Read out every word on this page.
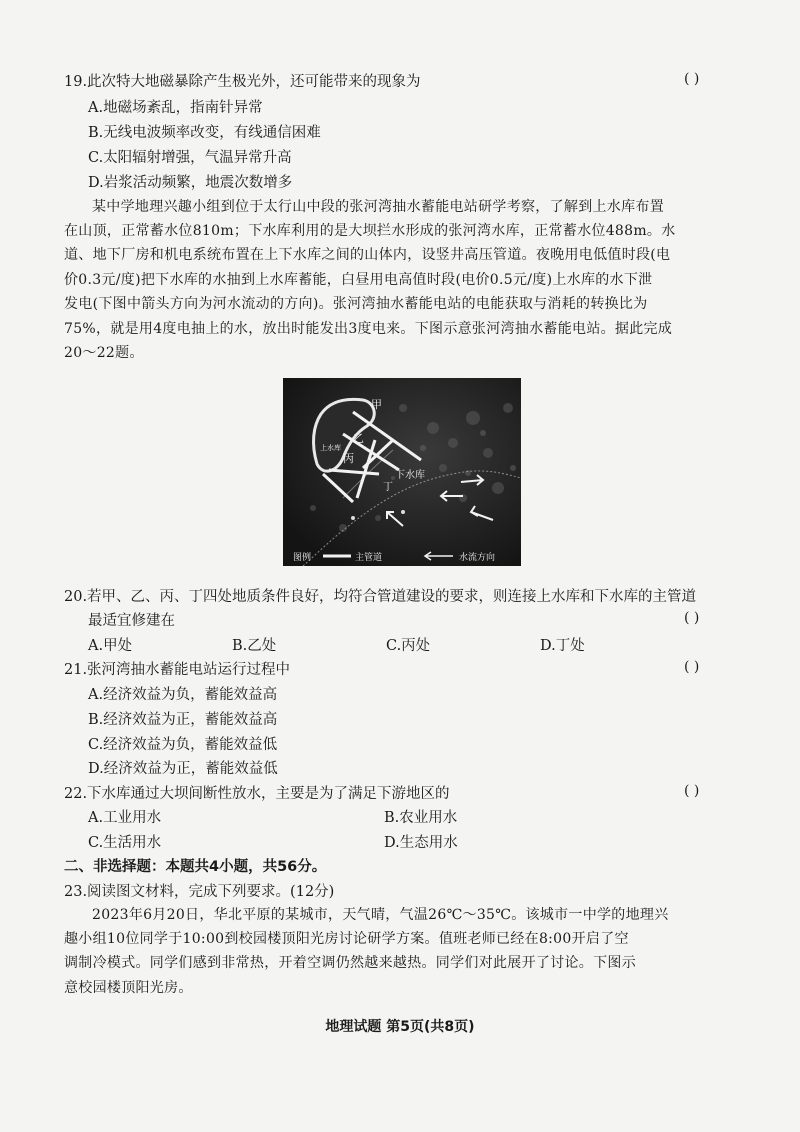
19.此次特大地磁暴除产生极光外，还可能带来的现象为	( )
A.地磁场紊乱，指南针异常
B.无线电波频率改变，有线通信困难
C.太阳辐射增强，气温异常升高
D.岩浆活动频繁，地震次数增多
某中学地理兴趣小组到位于太行山中段的张河湾抽水蓄能电站研学考察，了解到上水库布置
在山顶，正常蓄水位810m；下水库利用的是大坝拦水形成的张河湾水库，正常蓄水位488m。水
道、地下厂房和机电系统布置在上下水库之间的山体内，设竖井高压管道。夜晚用电低值时段(电
价0.3元/度)把下水库的水抽到上水库蓄能，白昼用电高值时段(电价0.5元/度)上水库的水下泄
发电(下图中箭头方向为河水流动的方向)。张河湾抽水蓄能电站的电能获取与消耗的转换比为
75%，就是用4度电抽上的水，放出时能发出3度电来。下图示意张河湾抽水蓄能电站。据此完成
20～22题。
甲
乙
丙
丁
上水库
下水库
图例	主管道	水流方向
20.若甲、乙、丙、丁四处地质条件良好，均符合管道建设的要求，则连接上水库和下水库的主管道
最适宜修建在	( )
A.甲处	B.乙处	C.丙处	D.丁处
21.张河湾抽水蓄能电站运行过程中	( )
A.经济效益为负，蓄能效益高
B.经济效益为正，蓄能效益高
C.经济效益为负，蓄能效益低
D.经济效益为正，蓄能效益低
22.下水库通过大坝间断性放水，主要是为了满足下游地区的	( )
A.工业用水	B.农业用水
C.生活用水	D.生态用水
二、非选择题：本题共4小题，共56分。
23.阅读图文材料，完成下列要求。(12分)
2023年6月20日，华北平原的某城市，天气晴，气温26℃～35℃。该城市一中学的地理兴
趣小组10位同学于10:00到校园楼顶阳光房讨论研学方案。值班老师已经在8:00开启了空
调制冷模式。同学们感到非常热，开着空调仍然越来越热。同学们对此展开了讨论。下图示
意校园楼顶阳光房。
地理试题 第5页(共8页)
